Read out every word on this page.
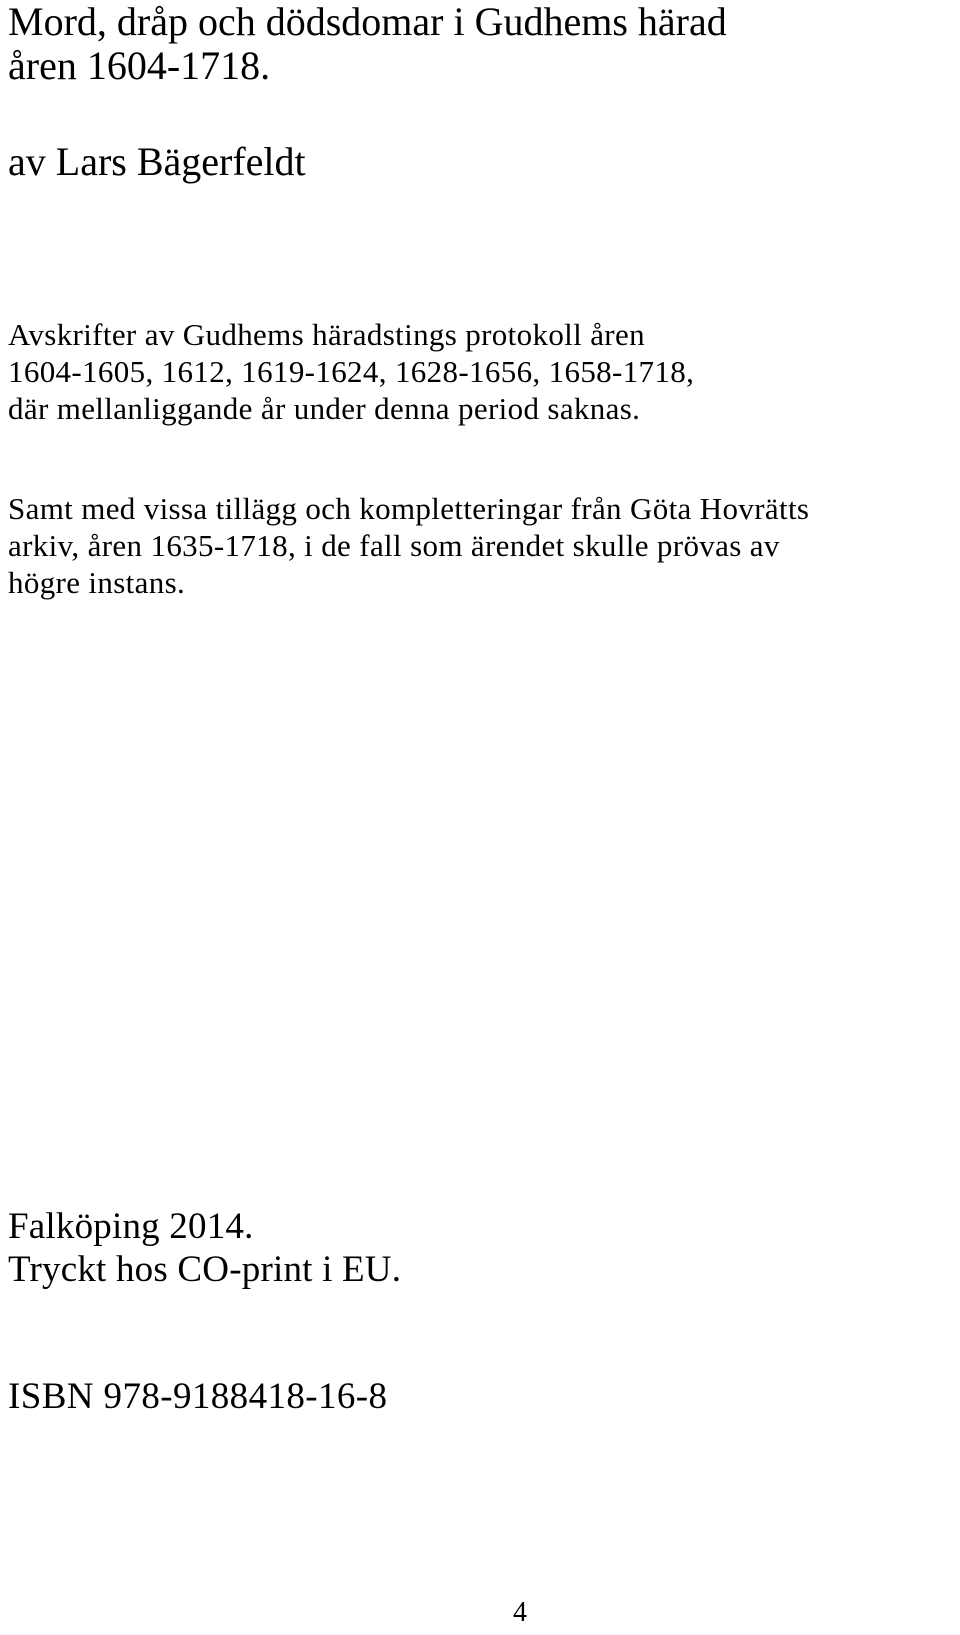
Mord, dråp och dödsdomar i Gudhems härad
åren 1604-1718.

av Lars Bägerfeldt

Avskrifter av Gudhems häradstings protokoll åren
1604-1605, 1612, 1619-1624, 1628-1656, 1658-1718,
där mellanliggande år under denna period saknas.

Samt med vissa tillägg och kompletteringar från Göta Hovrätts
arkiv, åren 1635-1718, i de fall som ärendet skulle prövas av
högre instans.

Falköping 2014.
Tryckt hos CO-print i EU.

ISBN 978-9188418-16-8

4
